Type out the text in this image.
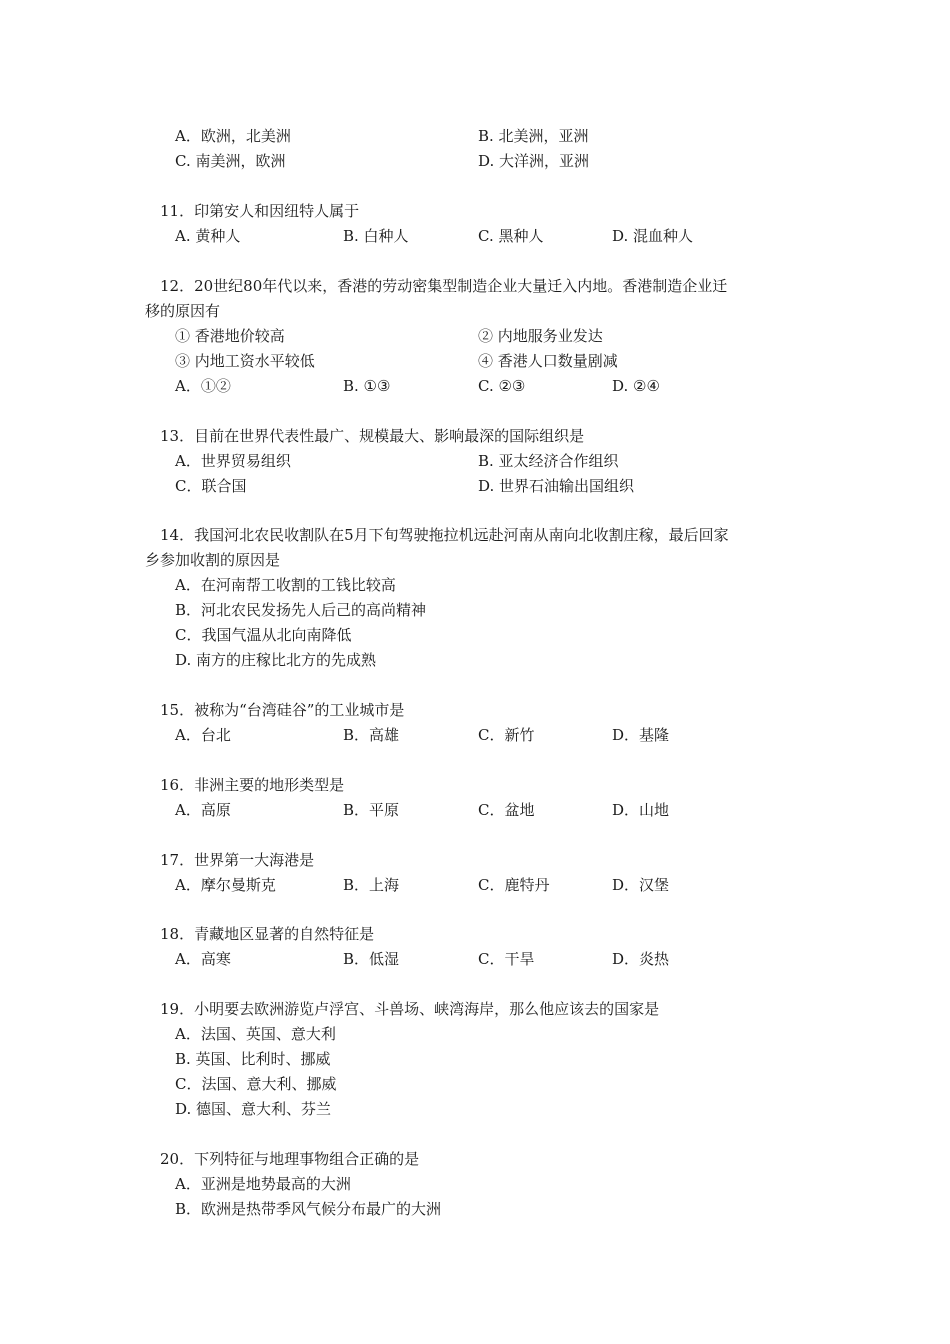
A．欧洲，北美洲	B. 北美洲，亚洲
C. 南美洲，欧洲	D. 大洋洲，亚洲
11．印第安人和因纽特人属于
A. 黄种人	B. 白种人	C. 黑种人	D. 混血种人
12．20世纪80年代以来，香港的劳动密集型制造企业大量迁入内地。香港制造企业迁
移的原因有
① 香港地价较高	② 内地服务业发达
③ 内地工资水平较低	④ 香港人口数量剧减
A．①②	B. ①③	C. ②③	D. ②④
13．目前在世界代表性最广、规模最大、影响最深的国际组织是
A．世界贸易组织	B. 亚太经济合作组织
C．联合国	D. 世界石油输出国组织
14．我国河北农民收割队在5月下旬驾驶拖拉机远赴河南从南向北收割庄稼，最后回家
乡参加收割的原因是
A．在河南帮工收割的工钱比较高
B．河北农民发扬先人后己的高尚精神
C．我国气温从北向南降低
D. 南方的庄稼比北方的先成熟
15．被称为“台湾硅谷”的工业城市是
A．台北	B．高雄	C．新竹	D．基隆
16．非洲主要的地形类型是
A．高原	B．平原	C．盆地	D．山地
17．世界第一大海港是
A．摩尔曼斯克	B．上海	C．鹿特丹	D．汉堡
18．青藏地区显著的自然特征是
A．高寒	B．低湿	C．干旱	D．炎热
19．小明要去欧洲游览卢浮宫、斗兽场、峡湾海岸，那么他应该去的国家是
A．法国、英国、意大利
B. 英国、比利时、挪威
C．法国、意大利、挪威
D. 德国、意大利、芬兰
20．下列特征与地理事物组合正确的是
A．亚洲是地势最高的大洲
B．欧洲是热带季风气候分布最广的大洲
